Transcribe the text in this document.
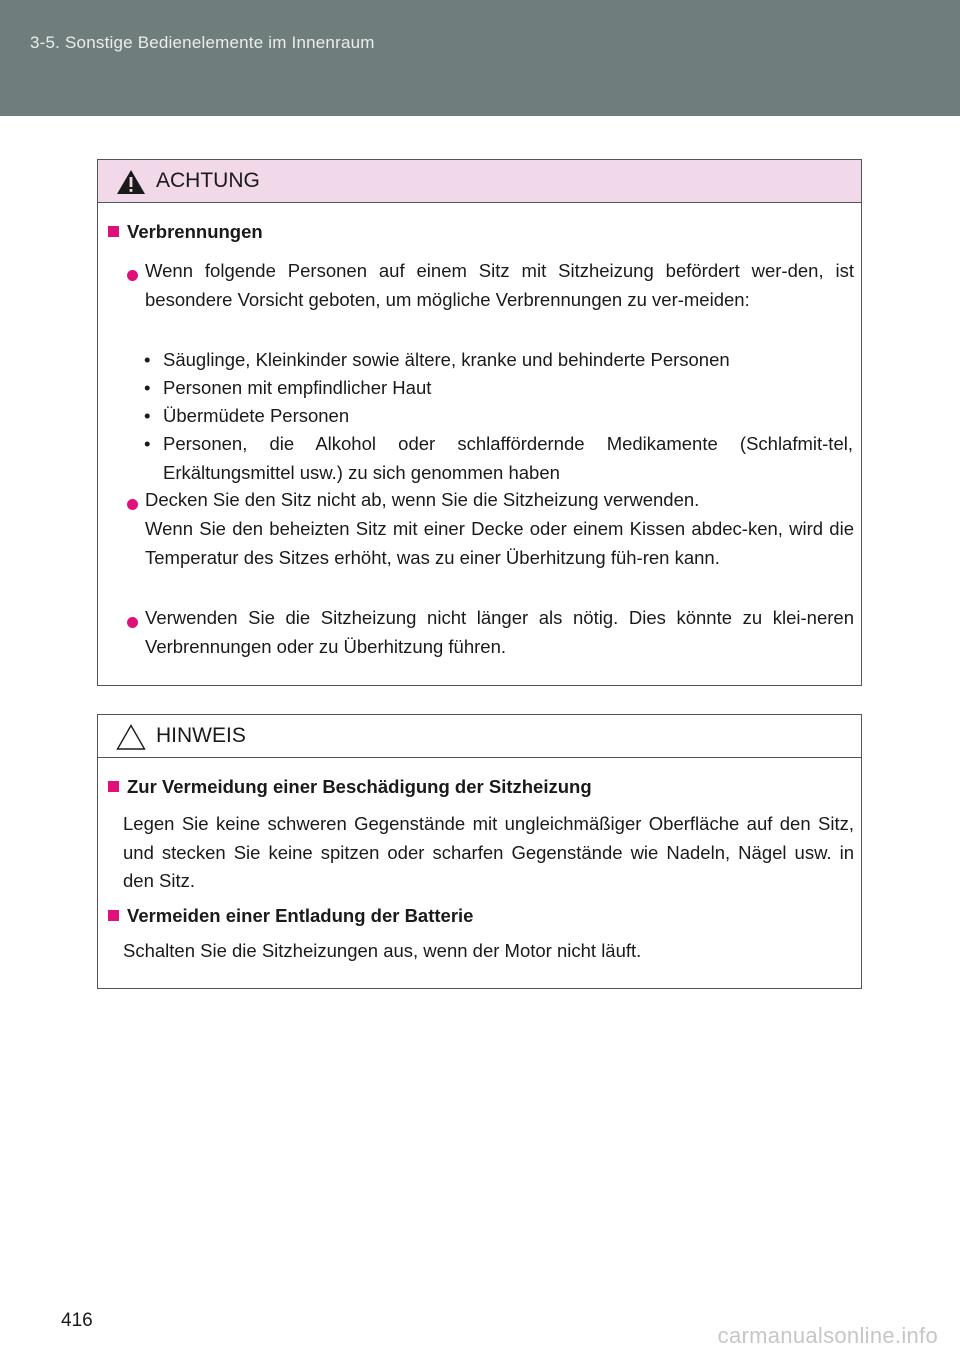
3-5. Sonstige Bedienelemente im Innenraum
ACHTUNG
Verbrennungen
Wenn folgende Personen auf einem Sitz mit Sitzheizung befördert wer-den, ist besondere Vorsicht geboten, um mögliche Verbrennungen zu ver-meiden:
• Säuglinge, Kleinkinder sowie ältere, kranke und behinderte Personen
• Personen mit empfindlicher Haut
• Übermüdete Personen
• Personen, die Alkohol oder schlaffördernde Medikamente (Schlafmit-tel, Erkältungsmittel usw.) zu sich genommen haben
Decken Sie den Sitz nicht ab, wenn Sie die Sitzheizung verwenden.
Wenn Sie den beheizten Sitz mit einer Decke oder einem Kissen abdec-ken, wird die Temperatur des Sitzes erhöht, was zu einer Überhitzung füh-ren kann.
Verwenden Sie die Sitzheizung nicht länger als nötig. Dies könnte zu klei-neren Verbrennungen oder zu Überhitzung führen.
HINWEIS
Zur Vermeidung einer Beschädigung der Sitzheizung
Legen Sie keine schweren Gegenstände mit ungleichmäßiger Oberfläche auf den Sitz, und stecken Sie keine spitzen oder scharfen Gegenstände wie Nadeln, Nägel usw. in den Sitz.
Vermeiden einer Entladung der Batterie
Schalten Sie die Sitzheizungen aus, wenn der Motor nicht läuft.
416
carmanualsonline.info
